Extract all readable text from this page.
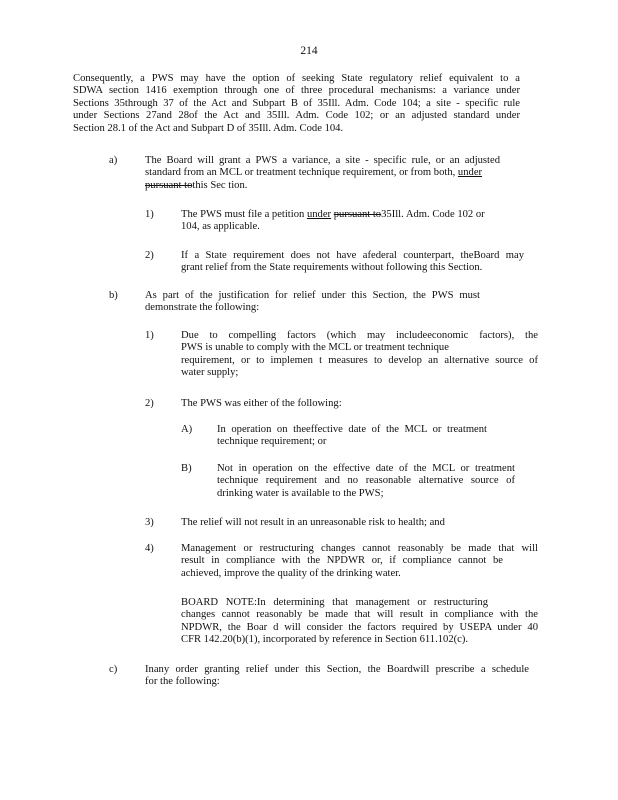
214
Consequently, a PWS may have the option of seeking State regulatory relief equivalent to a
SDWA section 1416 exemption through one of three procedural mechanisms: a variance under
Sections 35through 37 of the Act and Subpart B of 35Ill. Adm. Code 104; a site - specific rule
under Sections 27and 28of the Act and 35Ill. Adm. Code 102; or an adjusted standard under
Section 28.1 of the Act and Subpart D of 35Ill. Adm. Code 104.
a)	The Board will grant a PWS a variance, a site - specific rule, or an adjusted
standard from an MCL or treatment technique requirement, or from both, under
pursuant tothis Sec tion.
1)	The PWS must file a petition under pursuant to35Ill. Adm. Code 102 or
104, as applicable.
2)	If a State requirement does not have afederal counterpart, theBoard may
grant relief from the State requirements without following this Section.
b)	As part of the justification for relief under this Section, the PWS must
demonstrate the following:
1)	Due to compelling factors (which may includeeconomic factors), the
PWS is unable to comply with the MCL or treatment technique
requirement, or to implemen t measures to develop an alternative source of
water supply;
2)	The PWS was either of the following:
A) In operation on theeffective date of the MCL or treatment
technique requirement; or
B) Not in operation on the effective date of the MCL or treatment
technique requirement and no reasonable alternative source of
drinking water is available to the PWS;
3)	The relief will not result in an unreasonable risk to health; and
4)	Management or restructuring changes cannot reasonably be made that will
result in compliance with the NPDWR or, if compliance cannot be
achieved, improve the quality of the drinking water.
BOARD NOTE:In determining that management or restructuring
changes cannot reasonably be made that will result in compliance with the
NPDWR, the Boar d will consider the factors required by USEPA under 40
CFR 142.20(b)(1), incorporated by reference in Section 611.102(c).
c)	Inany order granting relief under this Section, the Boardwill prescribe a schedule
for the following:
